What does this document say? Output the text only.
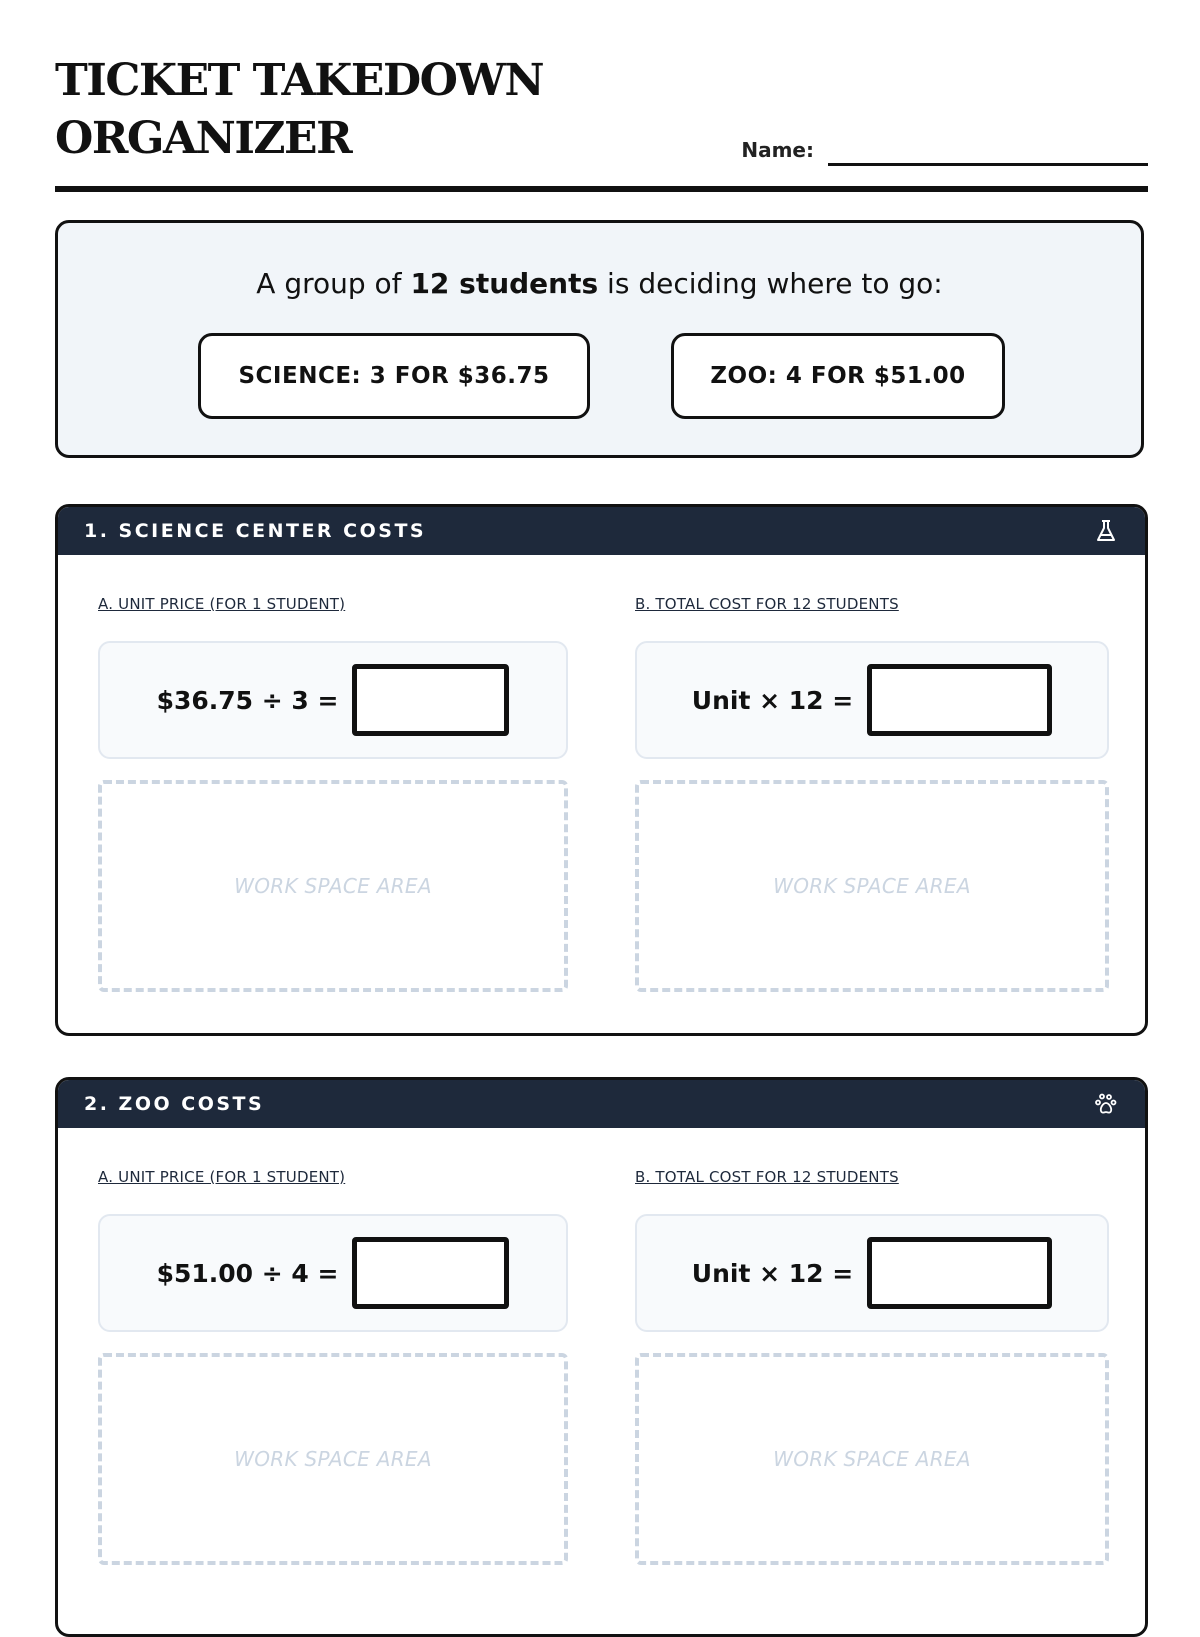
TICKET TAKEDOWN
ORGANIZER	Name:
A group of 12 students is deciding where to go:
SCIENCE: 3 FOR $36.75	ZOO: 4 FOR $51.00
1. SCIENCE CENTER COSTS
A. UNIT PRICE (FOR 1 STUDENT)	B. TOTAL COST FOR 12 STUDENTS
$36.75 ÷ 3 =	Unit × 12 =
WORK SPACE AREA	WORK SPACE AREA
2. ZOO COSTS
A. UNIT PRICE (FOR 1 STUDENT)	B. TOTAL COST FOR 12 STUDENTS
$51.00 ÷ 4 =	Unit × 12 =
WORK SPACE AREA	WORK SPACE AREA
